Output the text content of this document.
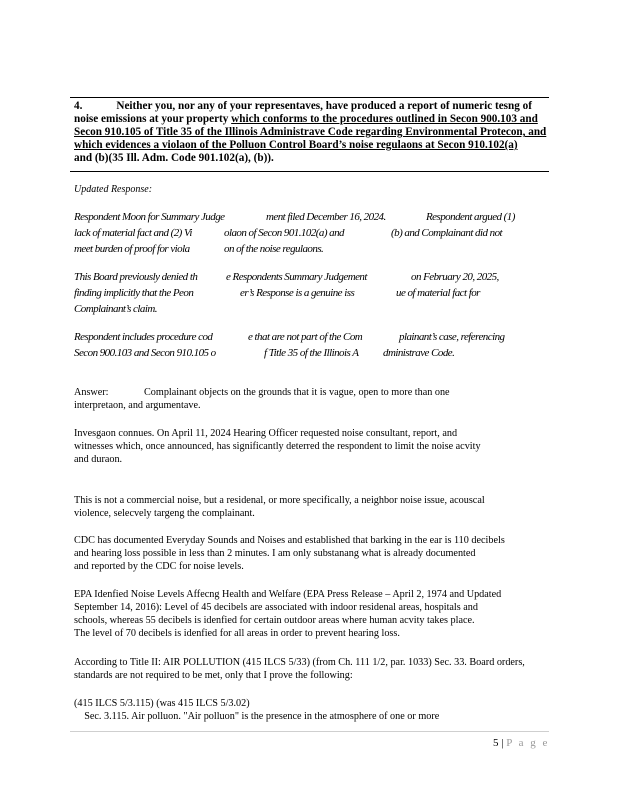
4.	Neither you, nor any of your representaves, have produced a report of numeric tesng of
noise emissions at your property which conforms to the procedures outlined in Secon 900.103 and
Secon 910.105 of Title 35 of the Illinois Administrave Code regarding Environmental Protecon, and
which evidences a violaon of the Polluon Control Board’s noise regulaons at Secon 910.102(a)
and (b)(35 Ill. Adm. Code 901.102(a), (b)).
Updated Response:
Respondent Moon for Summary Judge	ment filed December 16, 2024.	Respondent argued (1)
lack of material fact and (2) Vi	olaon of Secon 901.102(a) and	(b) and Complainant did not
meet burden of proof for viola	on of the noise regulaons.
This Board previously denied th	e Respondents Summary Judgement	on February 20, 2025,
finding implicitly that the Peon	er’s Response is a genuine iss	ue of material fact for
Complainant’s claim.
Respondent includes procedure cod	e that are not part of the Com	plainant’s case, referencing
Secon 900.103 and Secon 910.105 o	f Title 35 of the Illinois A dministrave Code.
Answer:	Complainant objects on the grounds that it is vague, open to more than one
interpretaon, and argumentave.
Invesgaon connues. On April 11, 2024 Hearing Officer requested noise consultant, report, and
witnesses which, once announced, has significantly deterred the respondent to limit the noise acvity
and duraon.
This is not a commercial noise, but a residenal, or more specifically, a neighbor noise issue, acouscal
violence, selecvely targeng the complainant.
CDC has documented Everyday Sounds and Noises and established that barking in the ear is 110 decibels
and hearing loss possible in less than 2 minutes. I am only substanang what is already documented
and reported by the CDC for noise levels.
EPA Idenfied Noise Levels Affecng Health and Welfare (EPA Press Release – April 2, 1974 and Updated
September 14, 2016): Level of 45 decibels are associated with indoor residenal areas, hospitals and
schools, whereas 55 decibels is idenfied for certain outdoor areas where human acvity takes place.
The level of 70 decibels is idenfied for all areas in order to prevent hearing loss.
According to Title II: AIR POLLUTION (415 ILCS 5/33) (from Ch. 111 1/2, par. 1033) Sec. 33. Board orders,
standards are not required to be met, only that I prove the following:
(415 ILCS 5/3.115) (was 415 ILCS 5/3.02)
Sec. 3.115. Air polluon. "Air polluon" is the presence in the atmosphere of one or more
5 | P a g e
